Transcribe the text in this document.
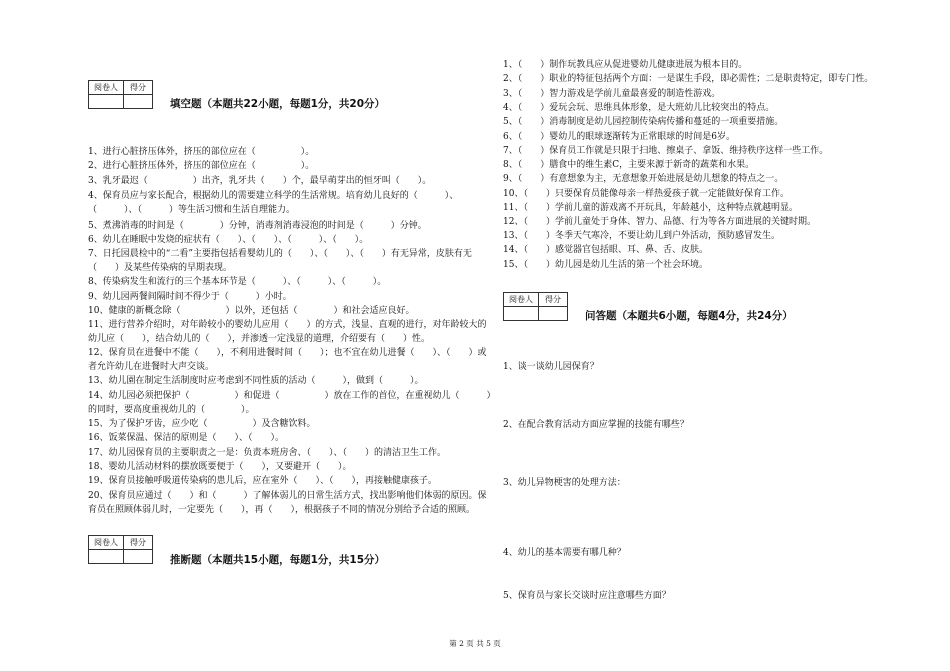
阅卷人	得分

填空题（本题共22小题，每题1分，共20分）
1、进行心脏挤压体外，挤压的部位应在（　　　　　）。
2、进行心脏挤压体外，挤压的部位应在（　　　　　）。
3、乳牙最迟（　　　　　）出齐，乳牙共（　　）个，最早萌芽出的恒牙叫（　　）。
4、保育员应与家长配合，根据幼儿的需要建立科学的生活常规。培育幼儿良好的（　　　）、（　　　）、（　　　）等生活习惯和生活自理能力。
5、煮沸消毒的时间是（　　　　）分钟，消毒剂消毒浸泡的时间是（　　　）分钟。
6、幼儿在睡眠中发烧的症状有（　　）、（　　）、（　　　）、（　　）。
7、日托园晨检中的“二看”主要指包括看婴幼儿的（　　）、（　　）、（　　）有无异常，皮肤有无（　　）及某些传染病的早期表现。
8、传染病发生和流行的三个基本环节是（　　　）、（　　　）、（　　　）。
9、幼儿园两餐间隔时间不得少于（　　　）小时。
10、健康的新概念除（　　　　　）以外，还包括（　　　　）和社会适应良好。
11、进行营养介绍时，对年龄较小的婴幼儿应用（　　）的方式，浅显、直观的进行，对年龄较大的幼儿应（　　），结合幼儿的（　　），并渗透一定浅显的道理，介绍要有（　　）性。
12、保育员在进餐中不能（　　），不利用进餐时间（　　）；也不宜在幼儿进餐（　　）、（　　）或者允许幼儿在进餐时大声交谈。
13、幼儿園在制定生活制度时应考虑到不同性质的活动（　　　），做到（　　　）。
14、幼儿园必须把保护（　　　　　）和促进（　　　　　）放在工作的首位，在重视幼儿（　　　）的同时，要高度重视幼儿的（　　　　）。
15、为了保护牙齿，应少吃（　　　　　）及含糖饮料。
16、饭菜保温、保洁的原则是（　　）、（　　）。
17、幼儿园保育员的主要职责之一是：负责本班房舍、（　　）、（　　）的清洁卫生工作。
18、婴幼儿活动材料的摆放既要便于（　　），又要避开（　　）。
19、保育员接触呼吸道传染病的患儿后，应在室外（　　）、（　　），再接触健康孩子。
20、保育员应通过（　　）和（　　　）了解体弱儿的日常生活方式，找出影响他们体弱的原因。保育员在照顾体弱儿时，一定要先（　　），再（　　），根据孩子不同的情况分别给予合适的照顾。
阅卷人	得分

推断题（本题共15小题，每题1分，共15分）
1、（　　）制作玩教具应从促进婴幼儿健康进展为根本目的。
2、（　　）职业的特征包括两个方面：一是谋生手段，即必需性；二是职责特定，即专门性。
3、（　　）智力游戏是学前儿童最喜爱的制造性游戏。
4、（　　）爱玩会玩、思维具体形象，是大班幼儿比较突出的特点。
5、（　　）消毒制度是幼儿园控制传染病传播和蔓延的一项重要措施。
6、（　　）婴幼儿的眼球逐渐转为正常眼球的时间是6岁。
7、（　　）保育员工作就是只限于扫地、擦桌子、拿饭、维持秩序这样一些工作。
8、（　　）膳食中的维生素C，主要来源于新奇的蔬菜和水果。
9、（　　）有意想象为主，无意想象开始进展是幼儿想象的特点之一。
10、（　　）只要保育员能像母亲一样热爱孩子就一定能做好保育工作。
11、（　　）学前儿童的游戏离不开玩具，年龄越小，这种特点就越明显。
12、（　　）学前儿童处于身体、智力、品德、行为等各方面进展的关键时期。
13、（　　）冬季天气寒冷，不要让幼儿到户外活动，预防感冒发生。
14、（　　）感觉器官包括眼、耳、鼻、舌、皮肤。
15、（　　）幼儿园是幼儿生活的第一个社会环境。
阅卷人	得分

问答题（本题共6小题，每题4分，共24分）
1、谈一谈幼儿园保育？
2、在配合教育活动方面应掌握的技能有哪些？
3、幼儿异物梗害的处理方法：
4、幼儿的基本需要有哪几种？
5、保育员与家长交谈时应注意哪些方面？
第 2 页 共 5 页
